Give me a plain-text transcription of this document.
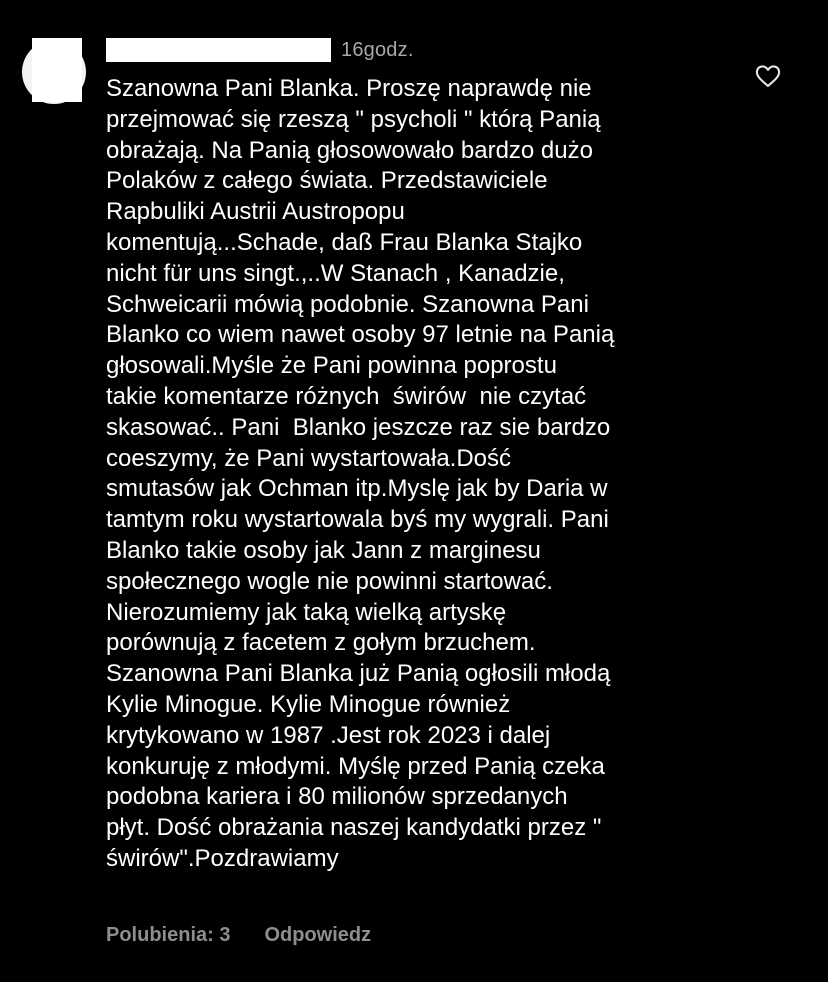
16godz.
Szanowna Pani Blanka. Proszę naprawdę nie
przejmować się rzeszą " psycholi " którą Panią
obrażają. Na Panią głosowowało bardzo dużo
Polaków z całego świata. Przedstawiciele
Rapbuliki Austrii Austropopu
komentują...Schade, daß Frau Blanka Stajko
nicht für uns singt.,..W Stanach , Kanadzie,
Schweicarii mówią podobnie. Szanowna Pani
Blanko co wiem nawet osoby 97 letnie na Panią
głosowali.Myśle że Pani powinna poprostu
takie komentarze różnych  świrów  nie czytać
skasować.. Pani  Blanko jeszcze raz sie bardzo
coeszymy, że Pani wystartowała.Dość
smutasów jak Ochman itp.Myslę jak by Daria w
tamtym roku wystartowala byś my wygrali. Pani
Blanko takie osoby jak Jann z marginesu
społecznego wogle nie powinni startować.
Nierozumiemy jak taką wielką artyskę
porównują z facetem z gołym brzuchem.
Szanowna Pani Blanka już Panią ogłosili młodą
Kylie Minogue. Kylie Minogue również
krytykowano w 1987 .Jest rok 2023 i dalej
konkuruję z młodymi. Myślę przed Panią czeka
podobna kariera i 80 milionów sprzedanych
płyt. Dość obrażania naszej kandydatki przez "
świrów".Pozdrawiamy
Polubienia: 3 Odpowiedz
